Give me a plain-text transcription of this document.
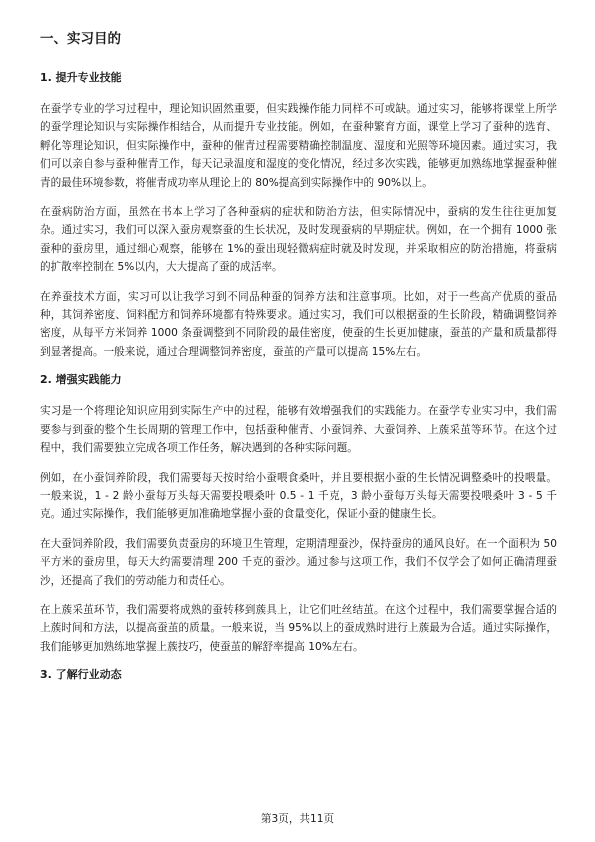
一、实习目的
1. 提升专业技能

在蚕学专业的学习过程中，理论知识固然重要，但实践操作能力同样不可或缺。通过实习，能够将课堂上所学的蚕学理论知识与实际操作相结合，从而提升专业技能。例如，在蚕种繁育方面，课堂上学习了蚕种的选育、孵化等理论知识，但实际操作中，蚕种的催青过程需要精确控制温度、湿度和光照等环境因素。通过实习，我们可以亲自参与蚕种催青工作，每天记录温度和湿度的变化情况，经过多次实践，能够更加熟练地掌握蚕种催青的最佳环境参数，将催青成功率从理论上的 80%提高到实际操作中的 90%以上。

在蚕病防治方面，虽然在书本上学习了各种蚕病的症状和防治方法，但实际情况中，蚕病的发生往往更加复杂。通过实习，我们可以深入蚕房观察蚕的生长状况，及时发现蚕病的早期症状。例如，在一个拥有 1000 张蚕种的蚕房里，通过细心观察，能够在 1%的蚕出现轻微病症时就及时发现，并采取相应的防治措施，将蚕病的扩散率控制在 5%以内，大大提高了蚕的成活率。

在养蚕技术方面，实习可以让我学习到不同品种蚕的饲养方法和注意事项。比如，对于一些高产优质的蚕品种，其饲养密度、饲料配方和饲养环境都有特殊要求。通过实习，我们可以根据蚕的生长阶段，精确调整饲养密度，从每平方米饲养 1000 条蚕调整到不同阶段的最佳密度，使蚕的生长更加健康，蚕茧的产量和质量都得到显著提高。一般来说，通过合理调整饲养密度，蚕茧的产量可以提高 15%左右。

2. 增强实践能力

实习是一个将理论知识应用到实际生产中的过程，能够有效增强我们的实践能力。在蚕学专业实习中，我们需要参与到蚕的整个生长周期的管理工作中，包括蚕种催青、小蚕饲养、大蚕饲养、上蔟采茧等环节。在这个过程中，我们需要独立完成各项工作任务，解决遇到的各种实际问题。

例如，在小蚕饲养阶段，我们需要每天按时给小蚕喂食桑叶，并且要根据小蚕的生长情况调整桑叶的投喂量。一般来说，1 - 2 龄小蚕每万头每天需要投喂桑叶 0.5 - 1 千克，3 龄小蚕每万头每天需要投喂桑叶 3 - 5 千克。通过实际操作，我们能够更加准确地掌握小蚕的食量变化，保证小蚕的健康生长。

在大蚕饲养阶段，我们需要负责蚕房的环境卫生管理，定期清理蚕沙，保持蚕房的通风良好。在一个面积为 50 平方米的蚕房里，每天大约需要清理 200 千克的蚕沙。通过参与这项工作，我们不仅学会了如何正确清理蚕沙，还提高了我们的劳动能力和责任心。

在上蔟采茧环节，我们需要将成熟的蚕转移到蔟具上，让它们吐丝结茧。在这个过程中，我们需要掌握合适的上蔟时间和方法，以提高蚕茧的质量。一般来说，当 95%以上的蚕成熟时进行上蔟最为合适。通过实际操作，我们能够更加熟练地掌握上蔟技巧，使蚕茧的解舒率提高 10%左右。

3. 了解行业动态
第3页，共11页
